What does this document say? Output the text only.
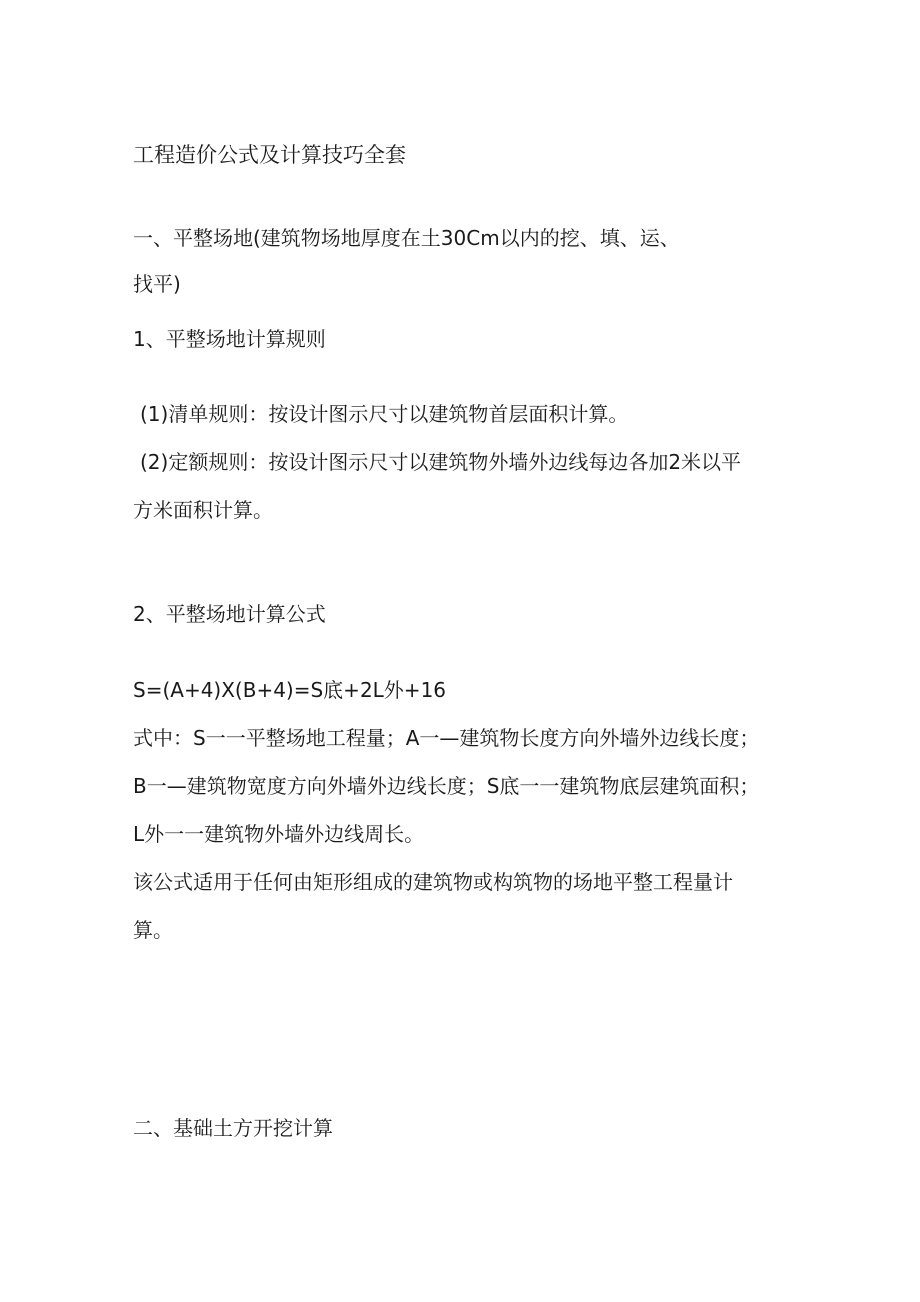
工程造价公式及计算技巧全套
一、平整场地(建筑物场地厚度在土30Cm以内的挖、填、运、
找平)
1、平整场地计算规则
(1)清单规则：按设计图示尺寸以建筑物首层面积计算。
(2)定额规则：按设计图示尺寸以建筑物外墙外边线每边各加2米以平
方米面积计算。
2、平整场地计算公式
S=(A+4)X(B+4)=S底+2L外+16
式中：S一一平整场地工程量；A一—建筑物长度方向外墙外边线长度；
B一—建筑物宽度方向外墙外边线长度；S底一一建筑物底层建筑面积；
L外一一建筑物外墙外边线周长。
该公式适用于任何由矩形组成的建筑物或构筑物的场地平整工程量计
算。
二、基础土方开挖计算
